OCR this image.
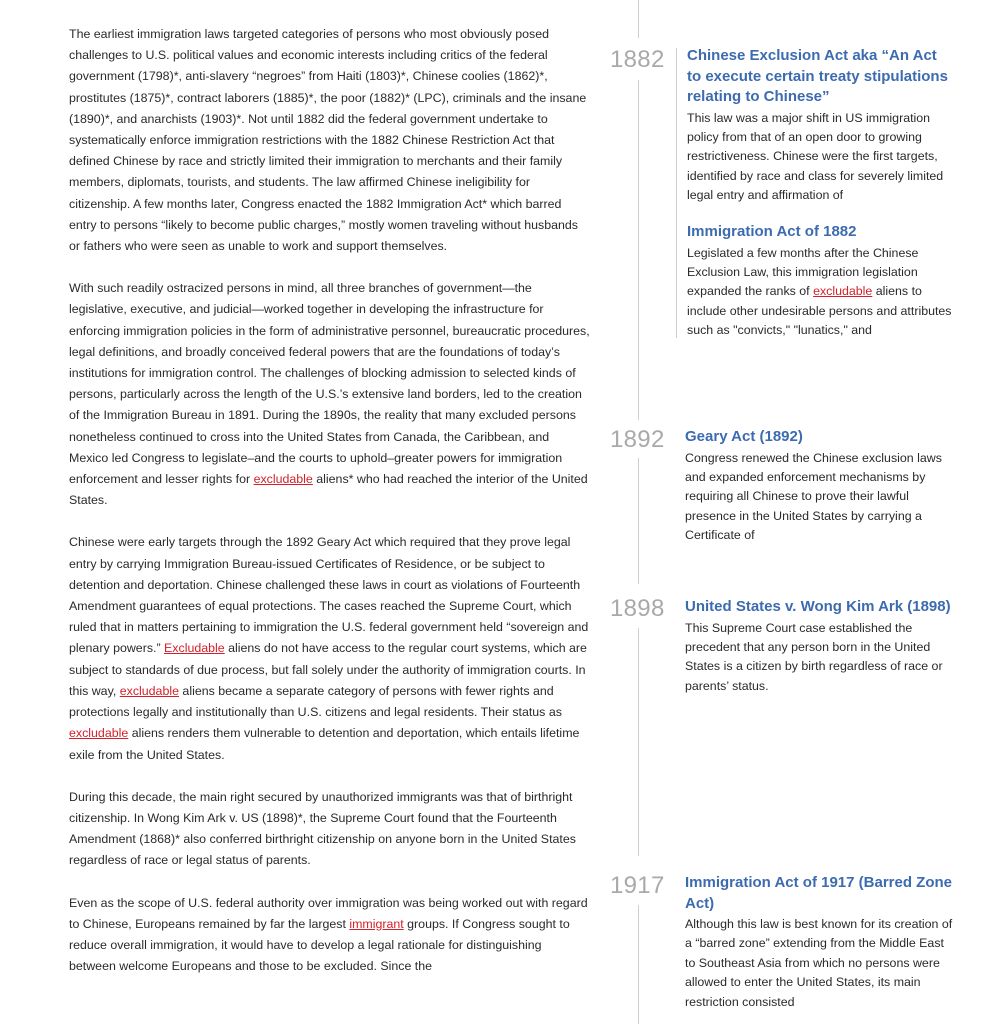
The earliest immigration laws targeted categories of persons who most obviously posed challenges to U.S. political values and economic interests including critics of the federal government (1798)*, anti-slavery “negroes” from Haiti (1803)*, Chinese coolies (1862)*, prostitutes (1875)*, contract laborers (1885)*, the poor (1882)* (LPC), criminals and the insane (1890)*, and anarchists (1903)*. Not until 1882 did the federal government undertake to systematically enforce immigration restrictions with the 1882 Chinese Restriction Act that defined Chinese by race and strictly limited their immigration to merchants and their family members, diplomats, tourists, and students. The law affirmed Chinese ineligibility for citizenship. A few months later, Congress enacted the 1882 Immigration Act* which barred entry to persons “likely to become public charges,” mostly women traveling without husbands or fathers who were seen as unable to work and support themselves.

With such readily ostracized persons in mind, all three branches of government—the legislative, executive, and judicial—worked together in developing the infrastructure for enforcing immigration policies in the form of administrative personnel, bureaucratic procedures, legal definitions, and broadly conceived federal powers that are the foundations of today’s institutions for immigration control. The challenges of blocking admission to selected kinds of persons, particularly across the length of the U.S.’s extensive land borders, led to the creation of the Immigration Bureau in 1891. During the 1890s, the reality that many excluded persons nonetheless continued to cross into the United States from Canada, the Caribbean, and Mexico led Congress to legislate–and the courts to uphold–greater powers for immigration enforcement and lesser rights for excludable aliens* who had reached the interior of the United States.

Chinese were early targets through the 1892 Geary Act which required that they prove legal entry by carrying Immigration Bureau-issued Certificates of Residence, or be subject to detention and deportation. Chinese challenged these laws in court as violations of Fourteenth Amendment guarantees of equal protections. The cases reached the Supreme Court, which ruled that in matters pertaining to immigration the U.S. federal government held “sovereign and plenary powers.” Excludable aliens do not have access to the regular court systems, which are subject to standards of due process, but fall solely under the authority of immigration courts. In this way, excludable aliens became a separate category of persons with fewer rights and protections legally and institutionally than U.S. citizens and legal residents. Their status as excludable aliens renders them vulnerable to detention and deportation, which entails lifetime exile from the United States.

During this decade, the main right secured by unauthorized immigrants was that of birthright citizenship. In Wong Kim Ark v. US (1898)*, the Supreme Court found that the Fourteenth Amendment (1868)* also conferred birthright citizenship on anyone born in the United States regardless of race or legal status of parents.

Even as the scope of U.S. federal authority over immigration was being worked out with regard to Chinese, Europeans remained by far the largest immigrant groups. If Congress sought to reduce overall immigration, it would have to develop a legal rationale for distinguishing between welcome Europeans and those to be excluded. Since the

1882 Chinese Exclusion Act aka “An Act to execute certain treaty stipulations relating to Chinese”
This law was a major shift in US immigration policy from that of an open door to growing restrictiveness. Chinese were the first targets, identified by race and class for severely limited legal entry and affirmation of
Immigration Act of 1882
Legislated a few months after the Chinese Exclusion Law, this immigration legislation expanded the ranks of excludable aliens to include other undesirable persons and attributes such as "convicts," "lunatics," and
1892 Geary Act (1892)
Congress renewed the Chinese exclusion laws and expanded enforcement mechanisms by requiring all Chinese to prove their lawful presence in the United States by carrying a Certificate of
1898 United States v. Wong Kim Ark (1898)
This Supreme Court case established the precedent that any person born in the United States is a citizen by birth regardless of race or parents’ status.
1917 Immigration Act of 1917 (Barred Zone Act)
Although this law is best known for its creation of a “barred zone” extending from the Middle East to Southeast Asia from which no persons were allowed to enter the United States, its main restriction consisted
